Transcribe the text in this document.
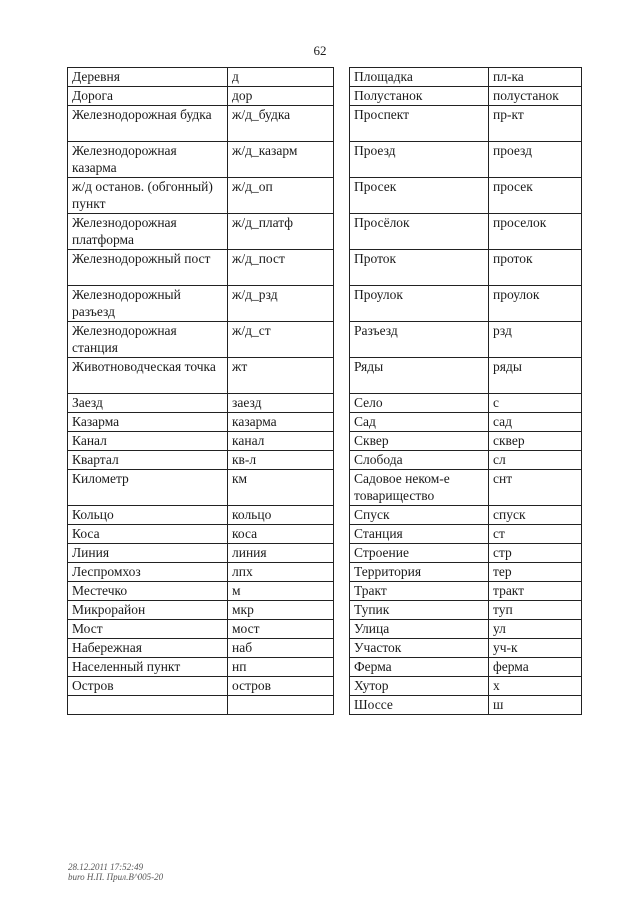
62
Деревня	д
Дорога	дор
Железнодорожная будка	ж/д_будка
Железнодорожная казарма	ж/д_казарм
ж/д останов. (обгонный) пункт	ж/д_оп
Железнодорожная платформа	ж/д_платф
Железнодорожный пост	ж/д_пост
Железнодорожный разъезд	ж/д_рзд
Железнодорожная станция	ж/д_ст
Животноводческая точка	жт
Заезд	заезд
Казарма	казарма
Канал	канал
Квартал	кв-л
Километр	км
Кольцо	кольцо
Коса	коса
Линия	линия
Леспромхоз	лпх
Местечко	м
Микрорайон	мкр
Мост	мост
Набережная	наб
Населенный пункт	нп
Остров	остров

Площадка	пл-ка
Полустанок	полустанок
Проспект	пр-кт
Проезд	проезд
Просек	просек
Просёлок	проселок
Проток	проток
Проулок	проулок
Разъезд	рзд
Ряды	ряды
Село	с
Сад	сад
Сквер	сквер
Слобода	сл
Садовое неком-е товарищество	снт
Спуск	спуск
Станция	ст
Строение	стр
Территория	тер
Тракт	тракт
Тупик	туп
Улица	ул
Участок	уч-к
Ферма	ферма
Хутор	х
Шоссе	ш
28.12.2011 17:52:49
buro Н.П. Прил.В^005-20
